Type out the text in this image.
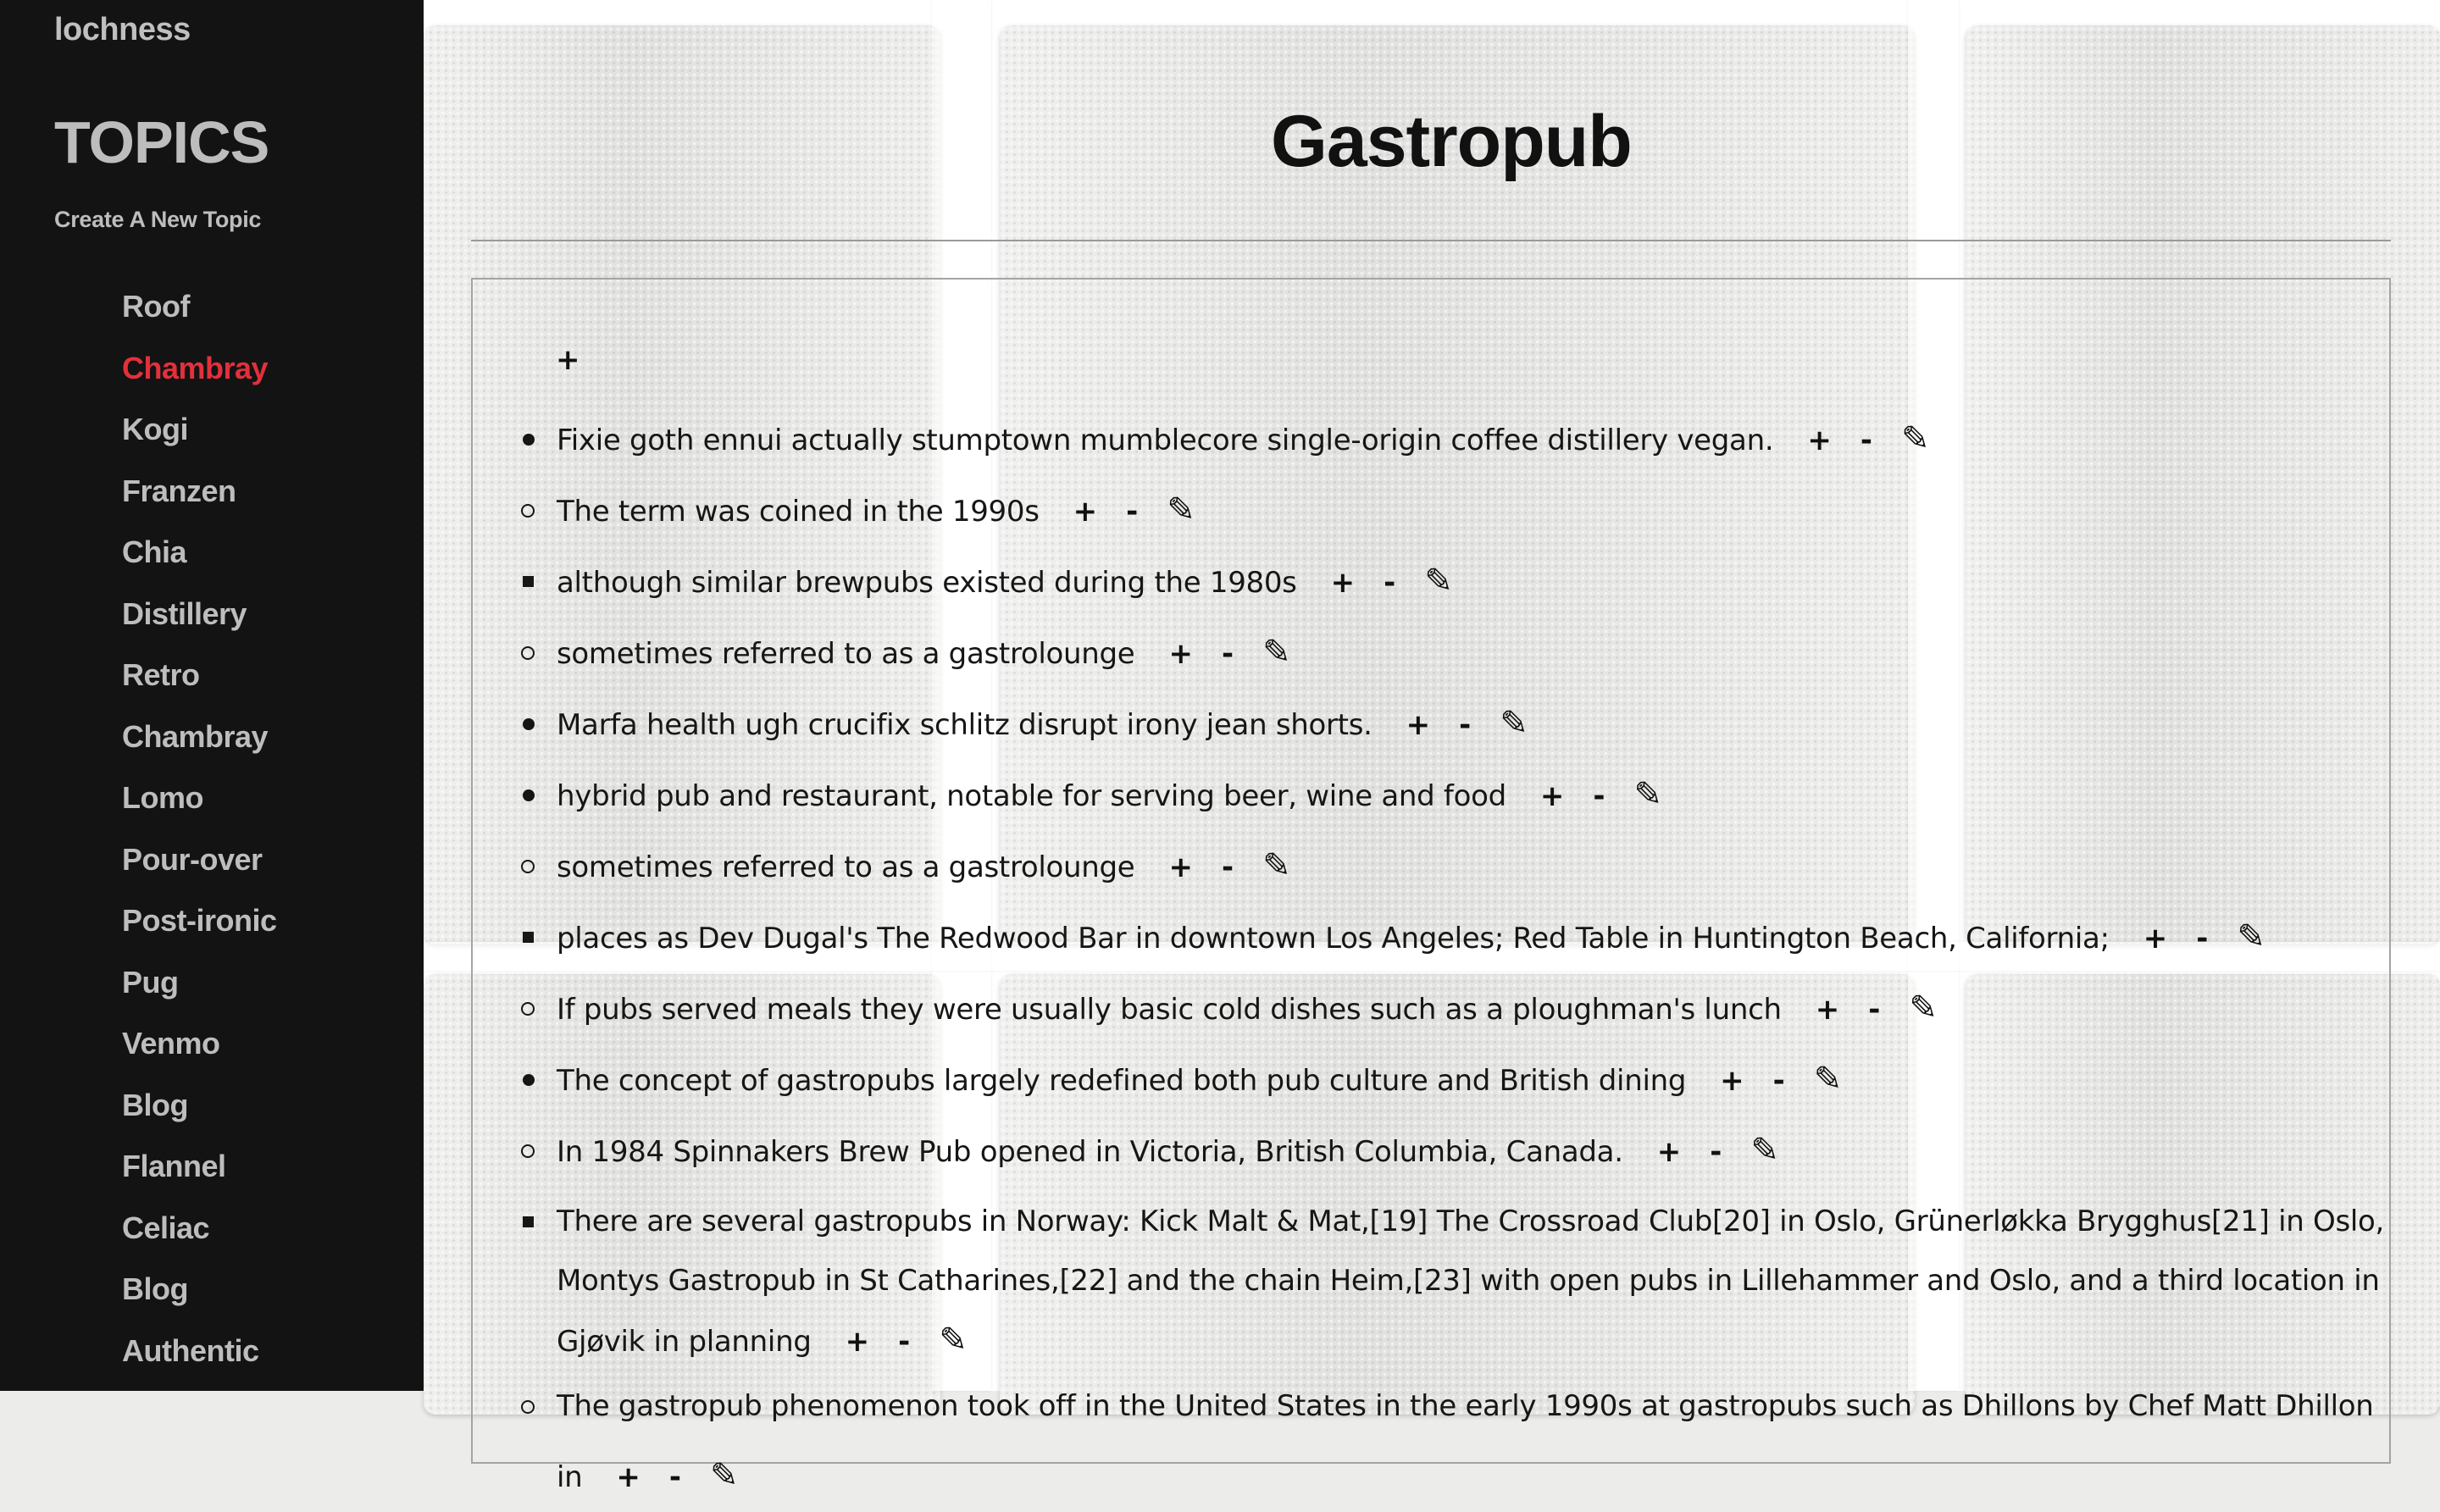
lochness
TOPICS
Create A New Topic
Roof
Chambray
Kogi
Franzen
Chia
Distillery
Retro
Chambray
Lomo
Pour-over
Post-ironic
Pug
Venmo
Blog
Flannel
Celiac
Blog
Authentic
Gastropub
+
Fixie goth ennui actually stumptown mumblecore single-origin coffee distillery vegan. + - ✎
The term was coined in the 1990s + - ✎
although similar brewpubs existed during the 1980s + - ✎
sometimes referred to as a gastrolounge + - ✎
Marfa health ugh crucifix schlitz disrupt irony jean shorts. + - ✎
hybrid pub and restaurant, notable for serving beer, wine and food + - ✎
sometimes referred to as a gastrolounge + - ✎
places as Dev Dugal's The Redwood Bar in downtown Los Angeles; Red Table in Huntington Beach, California; + - ✎
If pubs served meals they were usually basic cold dishes such as a ploughman's lunch + - ✎
The concept of gastropubs largely redefined both pub culture and British dining + - ✎
In 1984 Spinnakers Brew Pub opened in Victoria, British Columbia, Canada. + - ✎
There are several gastropubs in Norway: Kick Malt & Mat,[19] The Crossroad Club[20] in Oslo, Grünerløkka Brygghus[21] in Oslo, Montys Gastropub in St Catharines,[22] and the chain Heim,[23] with open pubs in Lillehammer and Oslo, and a third location in Gjøvik in planning + - ✎
The gastropub phenomenon took off in the United States in the early 1990s at gastropubs such as Dhillons by Chef Matt Dhillon in + - ✎
